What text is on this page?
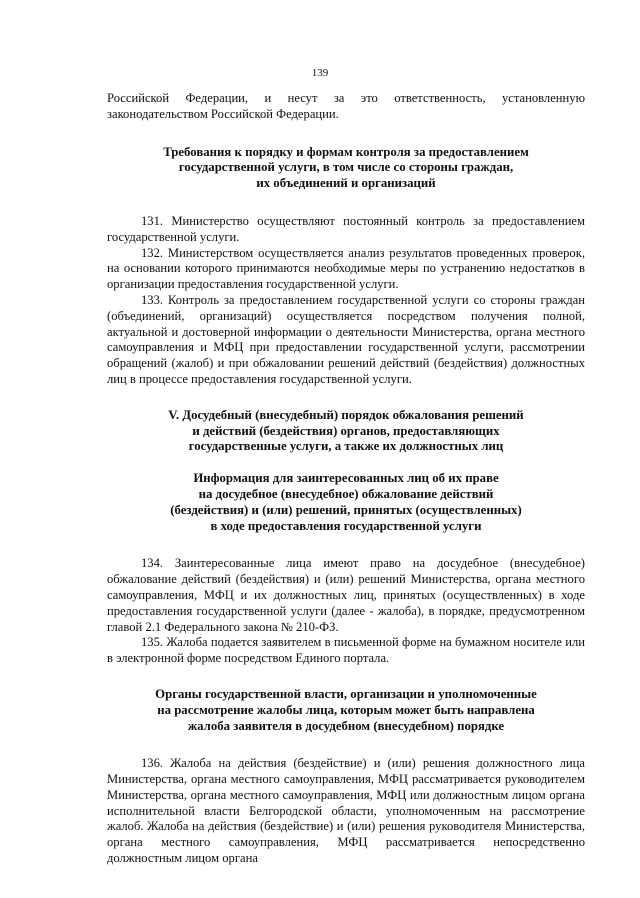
139

Российской Федерации, и несут за это ответственность, установленную законодательством Российской Федерации.

Требования к порядку и формам контроля за предоставлением
государственной услуги, в том числе со стороны граждан,
их объединений и организаций

131. Министерство осуществляют постоянный контроль за предоставлением государственной услуги.

132. Министерством осуществляется анализ результатов проведенных проверок, на основании которого принимаются необходимые меры по устранению недостатков в организации предоставления государственной услуги.

133. Контроль за предоставлением государственной услуги со стороны граждан (объединений, организаций) осуществляется посредством получения полной, актуальной и достоверной информации о деятельности Министерства, органа местного самоуправления и МФЦ при предоставлении государственной услуги, рассмотрении обращений (жалоб) и при обжаловании решений действий (бездействия) должностных лиц в процессе предоставления государственной услуги.

V. Досудебный (внесудебный) порядок обжалования решений
и действий (бездействия) органов, предоставляющих
государственные услуги, а также их должностных лиц
Информация для заинтересованных лиц об их праве
на досудебное (внесудебное) обжалование действий
(бездействия) и (или) решений, принятых (осуществленных)
в ходе предоставления государственной услуги

134. Заинтересованные лица имеют право на досудебное (внесудебное) обжалование действий (бездействия) и (или) решений Министерства, органа местного самоуправления, МФЦ и их должностных лиц, принятых (осуществленных) в ходе предоставления государственной услуги (далее - жалоба), в порядке, предусмотренном главой 2.1 Федерального закона № 210-ФЗ.

135. Жалоба подается заявителем в письменной форме на бумажном носителе или в электронной форме посредством Единого портала.

Органы государственной власти, организации и уполномоченные
на рассмотрение жалобы лица, которым может быть направлена
жалоба заявителя в досудебном (внесудебном) порядке

136. Жалоба на действия (бездействие) и (или) решения должностного лица Министерства, органа местного самоуправления, МФЦ рассматривается руководителем Министерства, органа местного самоуправления, МФЦ или должностным лицом органа исполнительной власти Белгородской области, уполномоченным на рассмотрение жалоб. Жалоба на действия (бездействие) и (или) решения руководителя Министерства, органа местного самоуправления, МФЦ рассматривается непосредственно должностным лицом органа
